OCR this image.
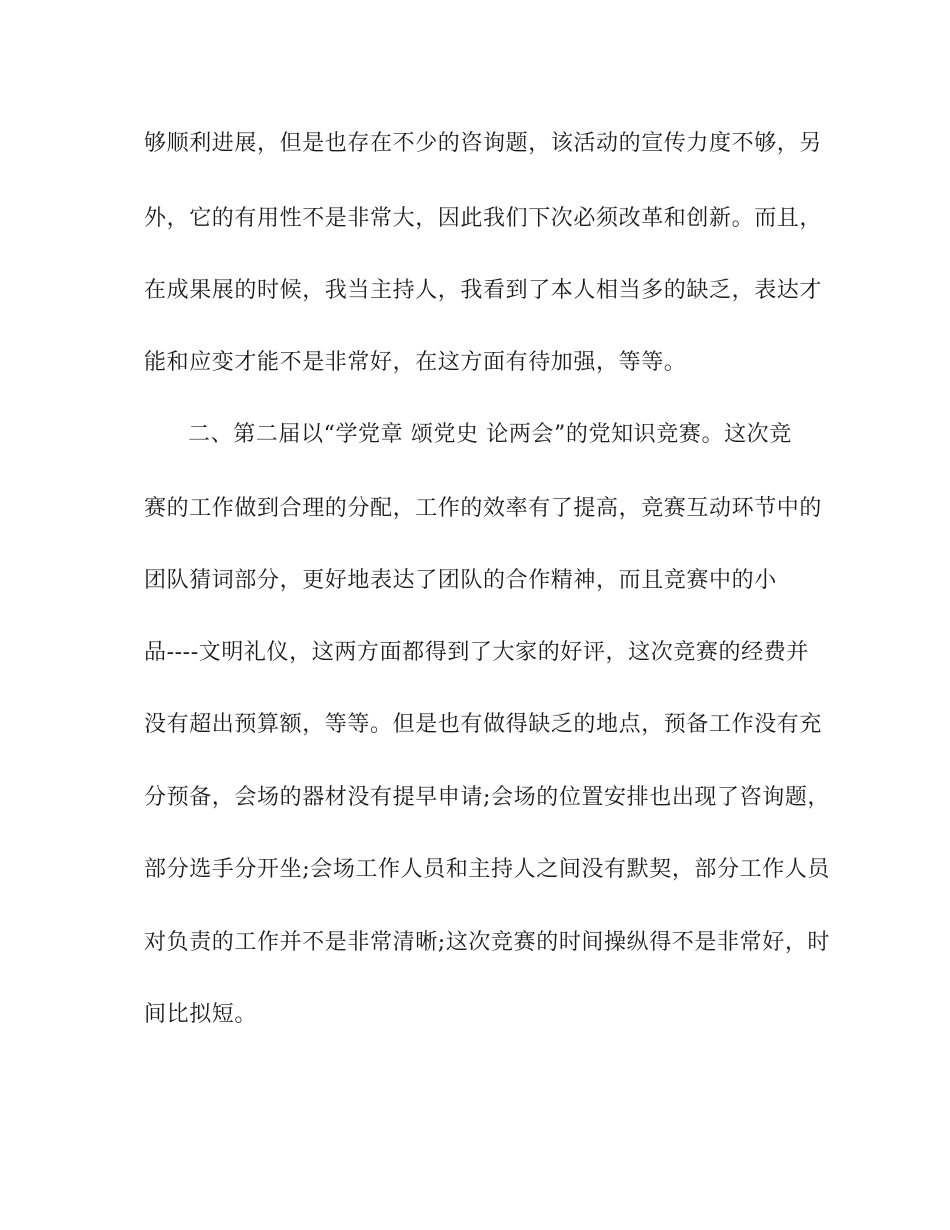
够顺利进展，但是也存在不少的咨询题，该活动的宣传力度不够，另
外，它的有用性不是非常大，因此我们下次必须改革和创新。而且，
在成果展的时候，我当主持人，我看到了本人相当多的缺乏，表达才
能和应变才能不是非常好，在这方面有待加强，等等。
二、第二届以“学党章 颂党史 论两会”的党知识竞赛。这次竞
赛的工作做到合理的分配，工作的效率有了提高，竞赛互动环节中的
团队猜词部分，更好地表达了团队的合作精神，而且竞赛中的小
品----文明礼仪，这两方面都得到了大家的好评，这次竞赛的经费并
没有超出预算额，等等。但是也有做得缺乏的地点，预备工作没有充
分预备，会场的器材没有提早申请;会场的位置安排也出现了咨询题，
部分选手分开坐;会场工作人员和主持人之间没有默契，部分工作人员
对负责的工作并不是非常清晰;这次竞赛的时间操纵得不是非常好，时
间比拟短。
